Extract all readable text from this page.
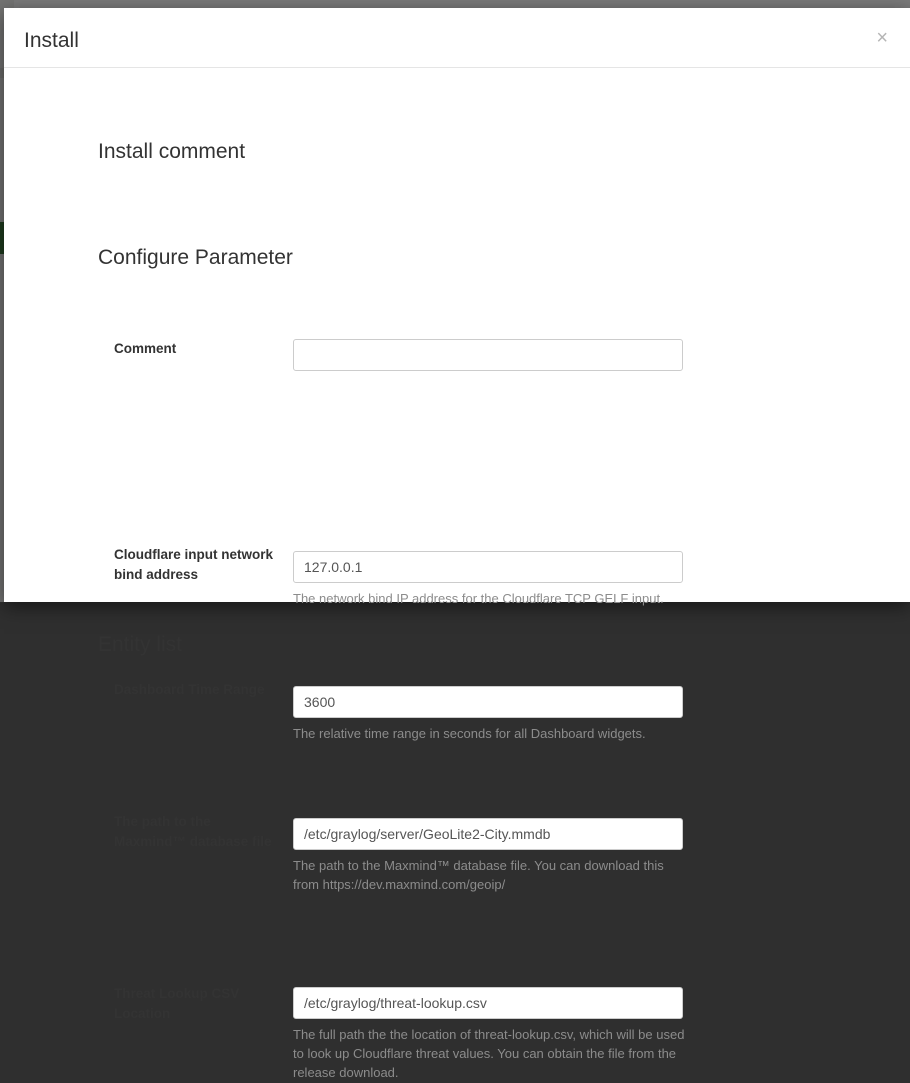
Install	×
Install comment
Comment
Configure Parameter
Cloudflare input network bind address
127.0.0.1
The network bind IP address for the Cloudflare TCP GELF input.
Dashboard Time Range
3600
The relative time range in seconds for all Dashboard widgets.
The path to the Maxmind™ database file
/etc/graylog/server/GeoLite2-City.mmdb
The path to the Maxmind™ database file. You can download this from https://dev.maxmind.com/geoip/
Threat Lookup CSV Location
/etc/graylog/threat-lookup.csv
The full path the the location of threat-lookup.csv, which will be used to look up Cloudflare threat values. You can obtain the file from the release download.
Entity list
